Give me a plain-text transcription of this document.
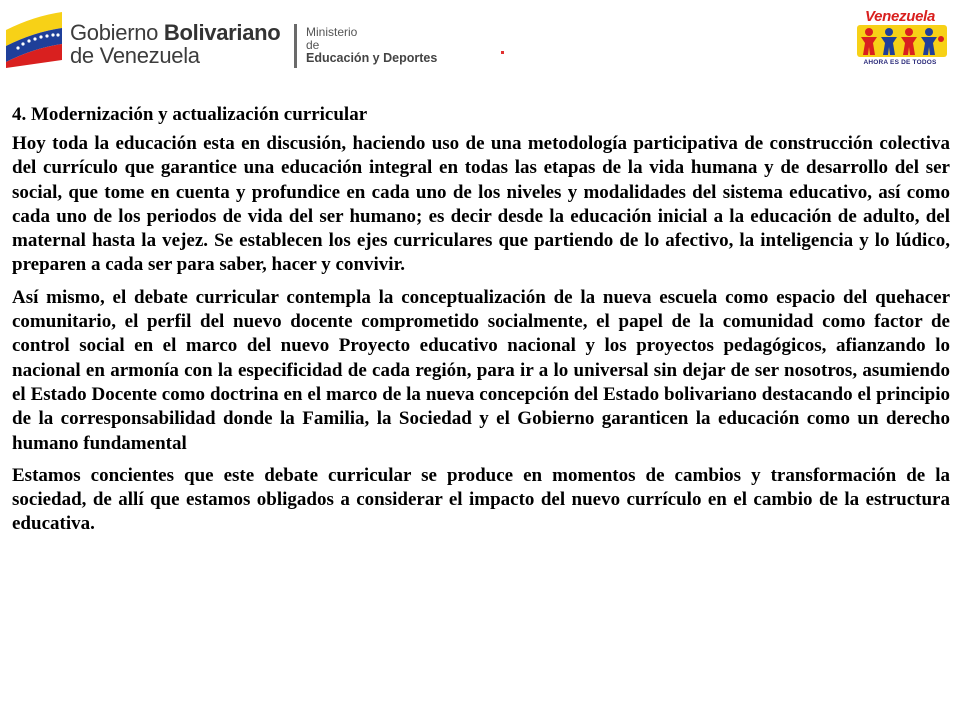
Gobierno Bolivariano
de Venezuela
Ministerio
de
Educación y Deportes
Venezuela
AHORA ES DE TODOS

4. Modernización y actualización curricular

Hoy toda la educación esta en discusión, haciendo uso de una metodología participativa de construcción colectiva del currículo que garantice una educación integral en todas las etapas de la vida humana y de desarrollo del ser social, que tome en cuenta y profundice en cada uno de los niveles y modalidades del sistema educativo, así como cada uno de los periodos de vida del ser humano; es decir desde la educación inicial a la educación de adulto, del maternal hasta la vejez. Se establecen los ejes curriculares que partiendo de lo afectivo, la inteligencia y lo lúdico, preparen a cada ser para saber, hacer y convivir.

Así mismo, el debate curricular contempla la conceptualización de la nueva escuela como espacio del quehacer comunitario, el perfil del nuevo docente comprometido socialmente, el papel de la comunidad como factor de control social en el marco del nuevo Proyecto educativo nacional y los proyectos pedagógicos, afianzando lo nacional en armonía con la especificidad de cada región, para ir a lo universal sin dejar de ser nosotros, asumiendo el Estado Docente como doctrina en el marco de la nueva concepción del Estado bolivariano destacando el principio de la corresponsabilidad donde la Familia, la Sociedad y el Gobierno garanticen la educación como un derecho humano fundamental

Estamos concientes que este debate curricular se produce en momentos de cambios y transformación de la sociedad, de allí que estamos obligados a considerar el impacto del nuevo currículo en el cambio de la estructura educativa.
